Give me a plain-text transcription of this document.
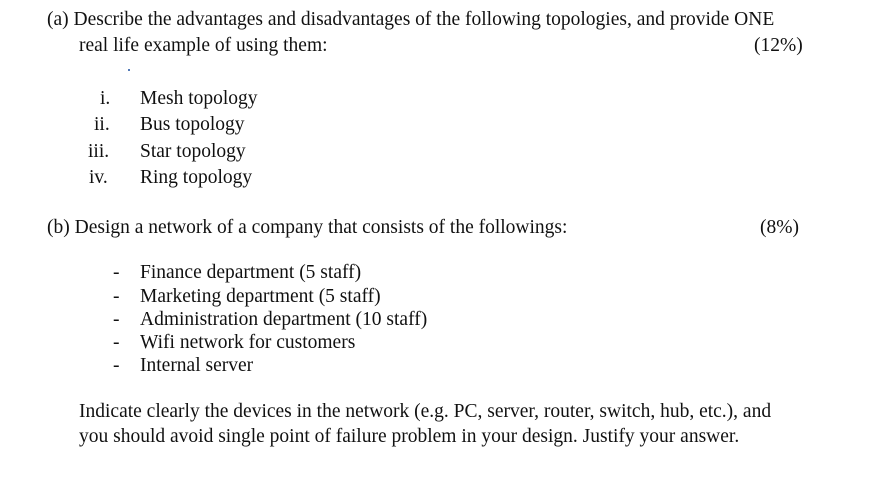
(a) Describe the advantages and disadvantages of the following topologies, and provide ONE
real life example of using them:	(12%)
i. Mesh topology
ii. Bus topology
iii. Star topology
iv. Ring topology
(b) Design a network of a company that consists of the followings:	(8%)
- Finance department (5 staff)
- Marketing department (5 staff)
- Administration department (10 staff)
- Wifi network for customers
- Internal server
Indicate clearly the devices in the network (e.g. PC, server, router, switch, hub, etc.), and
you should avoid single point of failure problem in your design. Justify your answer.
